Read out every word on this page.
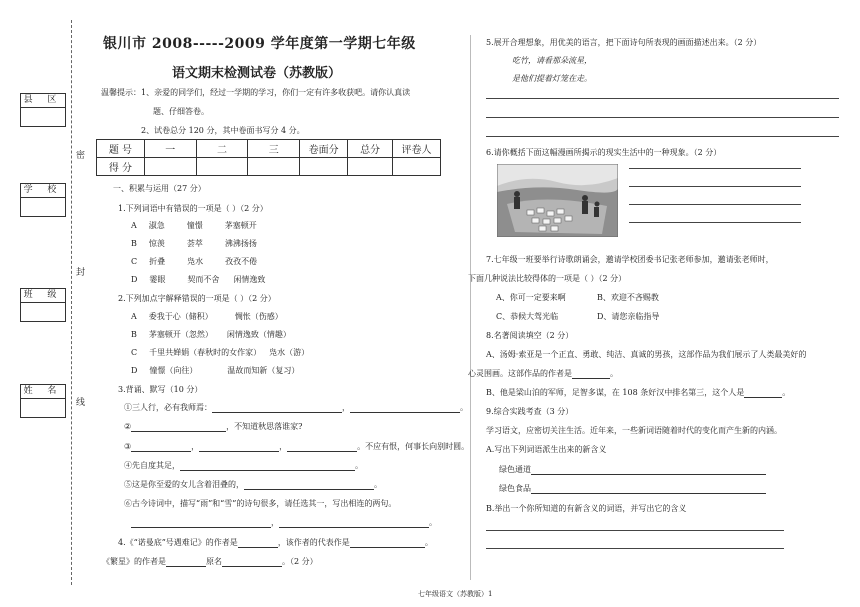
密
封
线
县 区
学 校
班 级
姓 名
银川市 2008-----2009 学年度第一学期七年级
语文期末检测试卷（苏教版）
温馨提示：1、亲爱的同学们，经过一学期的学习，你们一定有许多收获吧。请你认真读
题、仔细答卷。
2、试卷总分 120 分，其中卷面书写分 4 分。
题 号	一	二	三	卷面分	总分	评卷人
得 分						
一、积累与运用（27 分）
1.下列词语中有错误的一项是（ ）（2 分）
A 淑急	憧憬	茅塞顿开
B 惊羡	荟萃	沸沸扬扬
C 折叠	凫水	孜孜不倦
D 霎眼	契而不舍 闲情逸致
2.下列加点字解释错误的一项是（ ）（2 分）
A 委我于心（储积）	惆怅（伤感）
B 茅塞顿开（忽然） 闲情逸致（情趣）
C 千里共婵娟（春秋时的女作家） 凫水（游）
D 憧憬（向往）	温故而知新（复习）
3.背诵、默写（10 分）
①三人行，必有我师焉：	，	。
②	，不知道秋思落谁家?
③	，	，	。不应有恨，何事长向别时圆。
④先自度其足，	。
⑤这是你至爱的女儿含着泪叠的，	。
⑥古今诗词中，描写“雨”和“雪”的诗句很多，请任选其一，写出相连的两句。
，	。
4.《“诺曼底”号遇难记》的作者是	，该作者的代表作是	。
《繁星》的作者是	原名	。（2 分）
5.展开合理想象，用优美的语言，把下面诗句所表现的画面描述出来。（2 分）
吃竹，请看那朵流星，
是他们提着灯笼在走。
6.请你概括下面这幅漫画所揭示的现实生活中的一种现象。（2 分）
7.七年级一班要举行诗歌朗诵会，邀请学校团委书记张老师参加，邀请张老师时，
下面几种说法比较得体的一项是（ ）（2 分）
A、你可一定要来啊	B、欢迎不吝赐教
C、恭候大驾光临	D、请您亲临指导
8.名著阅读填空（2 分）
A、汤姆·索亚是一个正直、勇敢、纯洁、真诚的男孩，这部作品为我们展示了人类最美好的
心灵围画。这部作品的作者是	。
B、他是梁山泊的军师，足智多谋，在 108 条好汉中排名第三，这个人是	。
9.综合实践考查（3 分）
学习语文，应密切关注生活。近年来，一些新词语随着时代的变化而产生新的内涵。
A.写出下列词语派生出来的新含义
绿色通道
绿色食品
B.举出一个你所知道的有新含义的词语，并写出它的含义
七年级语文（苏教版）1
